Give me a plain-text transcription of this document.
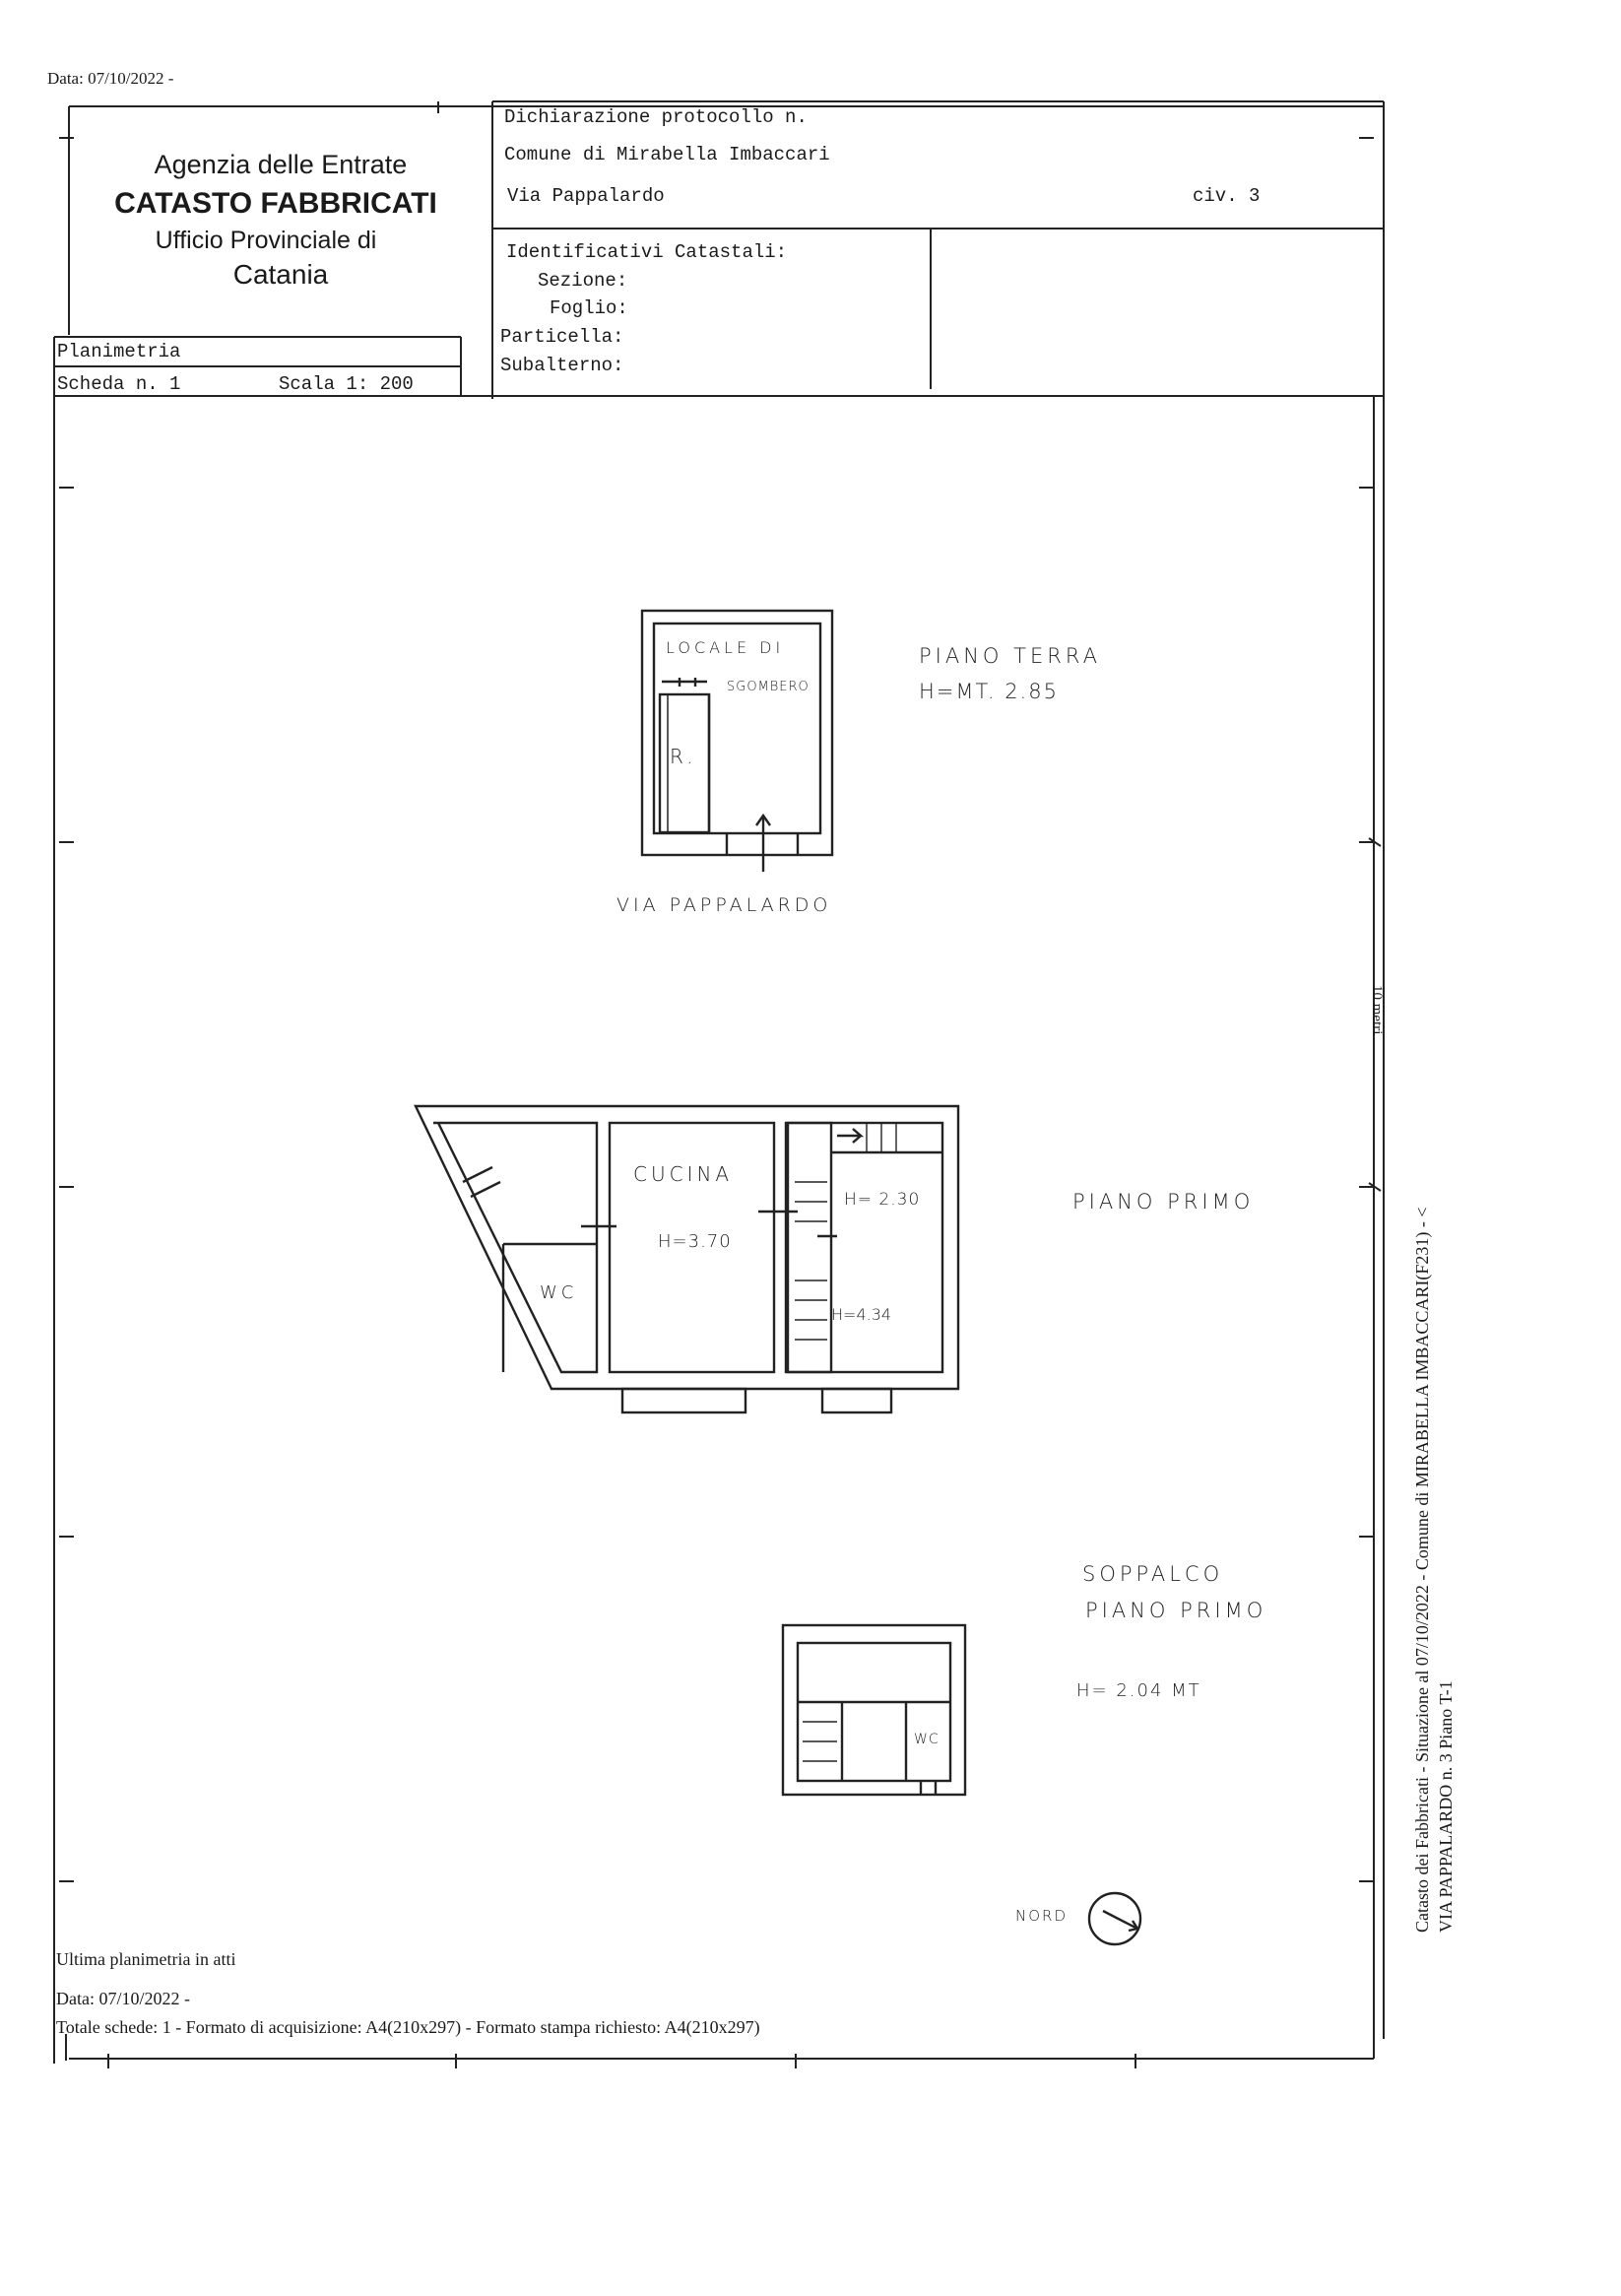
Data: 07/10/2022 -
Agenzia delle Entrate
CATASTO FABBRICATI
Ufficio Provinciale di
Catania
Dichiarazione protocollo n.
Comune di Mirabella Imbaccari
Via Pappalardo	civ. 3
Identificativi Catastali:
Sezione:
Foglio:
Particella:
Subalterno:
Planimetria
Scheda n. 1	Scala 1: 200
LOCALE DI
SGOMBERO
R.
PIANO TERRA
H=MT. 2.85
VIA PAPPALARDO
CUCINA
H=3.70
WC
H= 2.30
H=4.34
PIANO PRIMO
SOPPALCO
PIANO PRIMO
H= 2.04 MT
WC
NORD
10 metri
Ultima planimetria in atti
Data: 07/10/2022 -
Totale schede: 1 - Formato di acquisizione: A4(210x297) - Formato stampa richiesto: A4(210x297)
Catasto dei Fabbricati - Situazione al 07/10/2022 - Comune di MIRABELLA IMBACCARI(F231) - < VIA PAPPALARDO n. 3 Piano T-1
